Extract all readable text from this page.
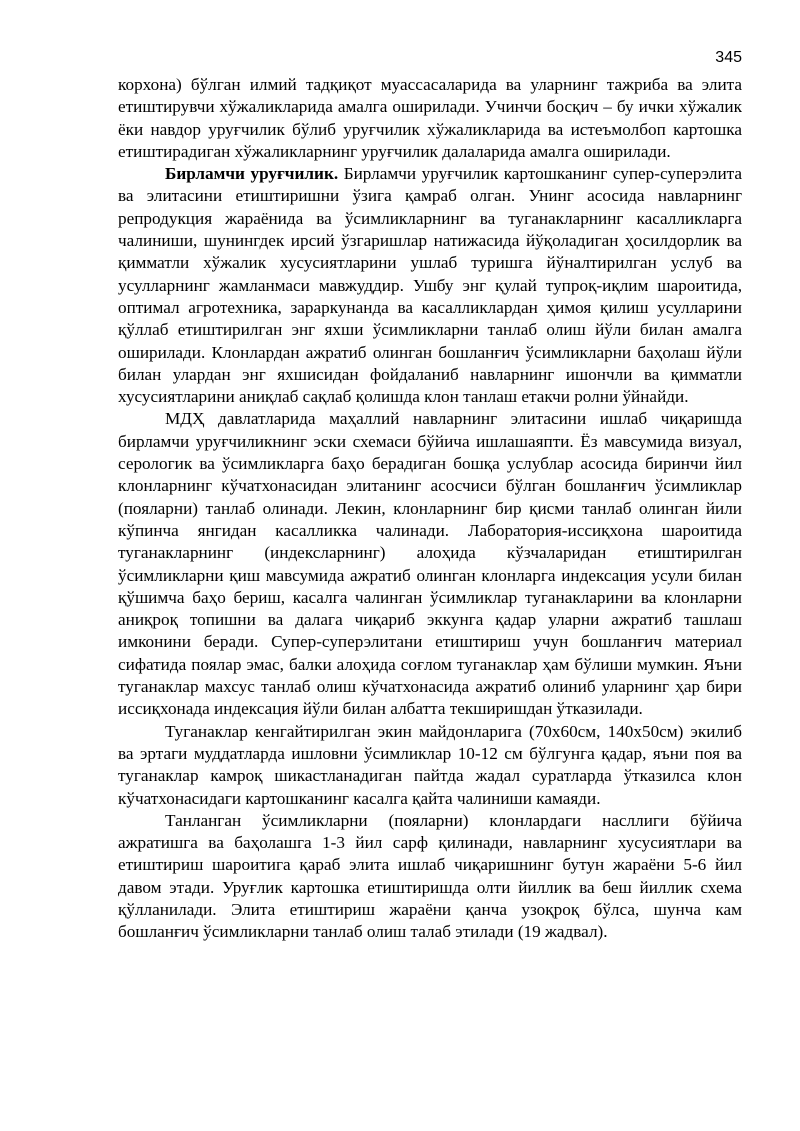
345

корхона) бўлган илмий тадқиқот муассасаларида ва уларнинг тажриба ва элита етиштирувчи хўжаликларида амалга оширилади. Учинчи босқич – бу ички хўжалик ёки навдор уруғчилик бўлиб уруғчилик хўжаликларида ва истеъмолбоп картошка етиштирадиган хўжаликларнинг уруғчилик далаларида амалга оширилади.

Бирламчи уруғчилик. Бирламчи уруғчилик картошканинг супер-суперэлита ва элитасини етиштиришни ўзига қамраб олган. Унинг асосида навларнинг репродукция жараёнида ва ўсимликларнинг ва туганакларнинг касалликларга чалиниши, шунингдек ирсий ўзгаришлар натижасида йўқоладиган ҳосилдорлик ва қимматли хўжалик хусусиятларини ушлаб туришга йўналтирилган услуб ва усулларнинг жамланмаси мавжуддир. Ушбу энг қулай тупроқ-иқлим шароитида, оптимал агротехника, зараркунанда ва касалликлардан ҳимоя қилиш усулларини қўллаб етиштирилган энг яхши ўсимликларни танлаб олиш йўли билан амалга оширилади. Клонлардан ажратиб олинган бошланғич ўсимликларни баҳолаш йўли билан улардан энг яхшисидан фойдаланиб навларнинг ишончли ва қимматли хусусиятларини аниқлаб сақлаб қолишда клон танлаш етакчи ролни ўйнайди.

МДҲ давлатларида маҳаллий навларнинг элитасини ишлаб чиқаришда бирламчи уруғчиликнинг эски схемаси бўйича ишлашаяпти. Ёз мавсумида визуал, серологик ва ўсимликларга баҳо берадиган бошқа услублар асосида биринчи йил клонларнинг кўчатхонасидан элитанинг асосчиси бўлган бошланғич ўсимликлар (пояларни) танлаб олинади. Лекин, клонларнинг бир қисми танлаб олинган йили кўпинча янгидан касалликка чалинади. Лаборатория-иссиқхона шароитида туганакларнинг (индексларнинг) алоҳида кўзчаларидан етиштирилган ўсимликларни қиш мавсумида ажратиб олинган клонларга индексация усули билан қўшимча баҳо бериш, касалга чалинган ўсимликлар туганакларини ва клонларни аниқроқ топишни ва далага чиқариб эккунга қадар уларни ажратиб ташлаш имконини беради. Супер-суперэлитани етиштириш учун бошланғич материал сифатида поялар эмас, балки алоҳида соғлом туганаклар ҳам бўлиши мумкин. Яъни туганаклар махсус танлаб олиш кўчатхонасида ажратиб олиниб уларнинг ҳар бири иссиқхонада индексация йўли билан албатта текширишдан ўтказилади.

Туганаклар кенгайтирилган экин майдонларига (70х60см, 140х50см) экилиб ва эртаги муддатларда ишловни ўсимликлар 10-12 см бўлгунга қадар, яъни поя ва туганаклар камроқ шикастланадиган пайтда жадал суратларда ўтказилса клон кўчатхонасидаги картошканинг касалга қайта чалиниши камаяди.

Танланган ўсимликларни (пояларни) клонлардаги насллиги бўйича ажратишга ва баҳолашга 1-3 йил сарф қилинади, навларнинг хусусиятлари ва етиштириш шароитига қараб элита ишлаб чиқаришнинг бутун жараёни 5-6 йил давом этади. Уруғлик картошка етиштиришда олти йиллик ва беш йиллик схема қўлланилади. Элита етиштириш жараёни қанча узоқроқ бўлса, шунча кам бошланғич ўсимликларни танлаб олиш талаб этилади (19 жадвал).
